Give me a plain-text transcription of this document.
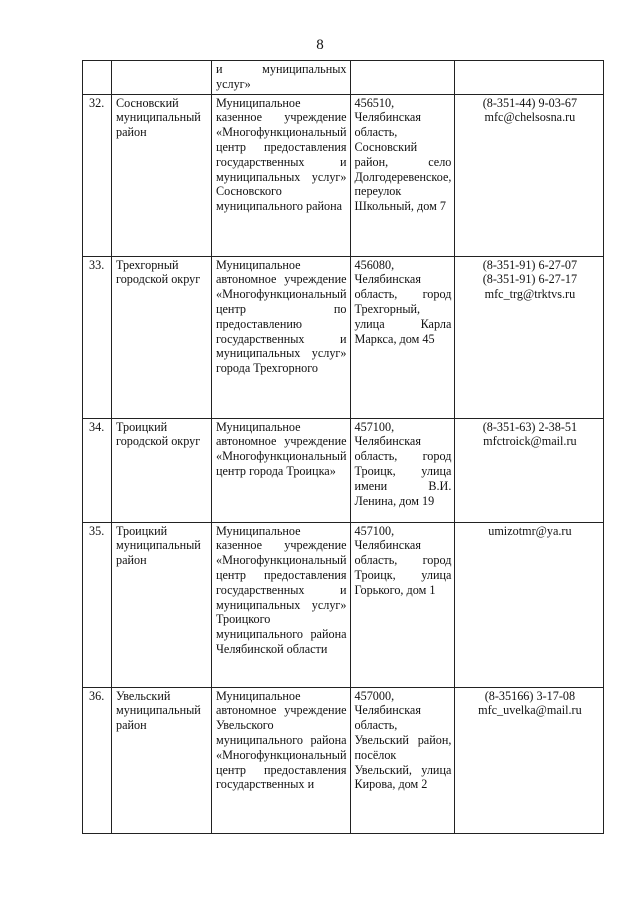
8
		и муниципальных услуг»		
32.	Сосновский муниципальный район	Муниципальное казенное учреждение «Многофункциональный центр предоставления государственных и муниципальных услуг» Сосновского муниципального района	456510, Челябинская область, Сосновский район, село Долгодеревенское, переулок Школьный, дом 7	(8-351-44) 9-03-67
mfc@chelsosna.ru

33.	Трехгорный городской округ	Муниципальное автономное учреждение «Многофункциональный центр по предоставлению государственных и муниципальных услуг» города Трехгорного	456080, Челябинская область, город Трехгорный, улица Карла Маркса, дом 45	(8-351-91) 6-27-07
(8-351-91) 6-27-17
mfc_trg@trktvs.ru

34.	Троицкий городской округ	Муниципальное автономное учреждение «Многофункциональный центр города Троицка»	457100, Челябинская область, город Троицк, улица имени В.И. Ленина, дом 19	(8-351-63) 2-38-51
mfctroick@mail.ru

35.	Троицкий муниципальный район	Муниципальное казенное учреждение «Многофункциональный центр предоставления государственных и муниципальных услуг» Троицкого муниципального района Челябинской области	457100, Челябинская область, город Троицк, улица Горького, дом 1	umizotmr@ya.ru

36.	Увельский муниципальный район	Муниципальное автономное учреждение Увельского муниципального района «Многофункциональный центр предоставления государственных и	457000, Челябинская область, Увельский район, посёлок Увельский, улица Кирова, дом 2	(8-35166) 3-17-08
mfc_uvelka@mail.ru
